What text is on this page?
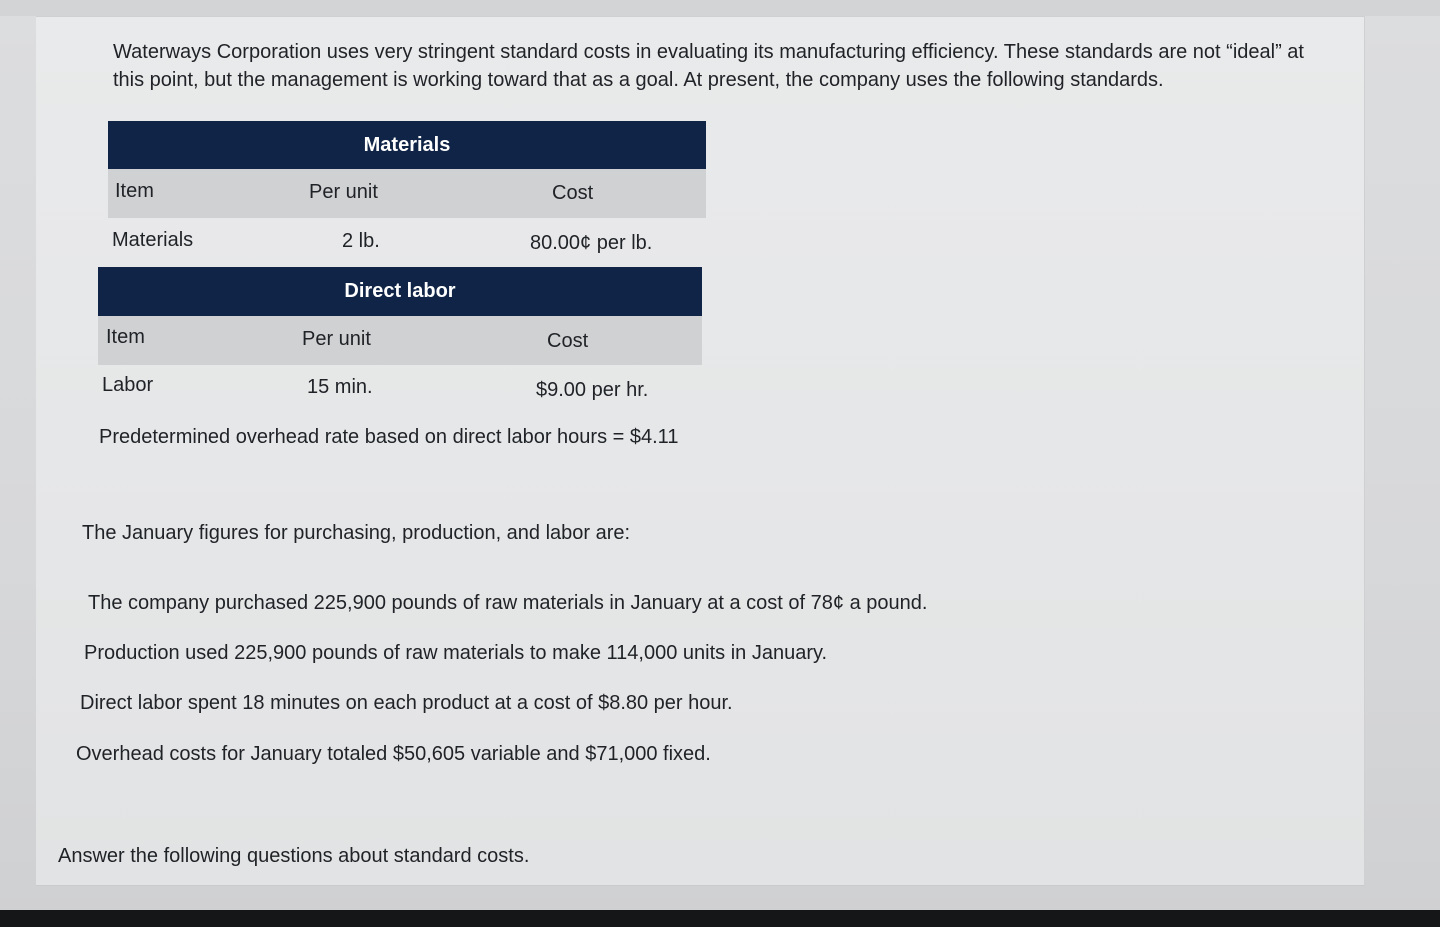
Waterways Corporation uses very stringent standard costs in evaluating its manufacturing efficiency. These standards are not “ideal” at this point, but the management is working toward that as a goal. At present, the company uses the following standards.

Materials
Item	Per unit	Cost
Materials	2 lb.	80.00¢ per lb.
Direct labor
Item	Per unit	Cost
Labor	15 min.	$9.00 per hr.
Predetermined overhead rate based on direct labor hours = $4.11
The January figures for purchasing, production, and labor are:
The company purchased 225,900 pounds of raw materials in January at a cost of 78¢ a pound.
Production used 225,900 pounds of raw materials to make 114,000 units in January.
Direct labor spent 18 minutes on each product at a cost of $8.80 per hour.
Overhead costs for January totaled $50,605 variable and $71,000 fixed.
Answer the following questions about standard costs.
